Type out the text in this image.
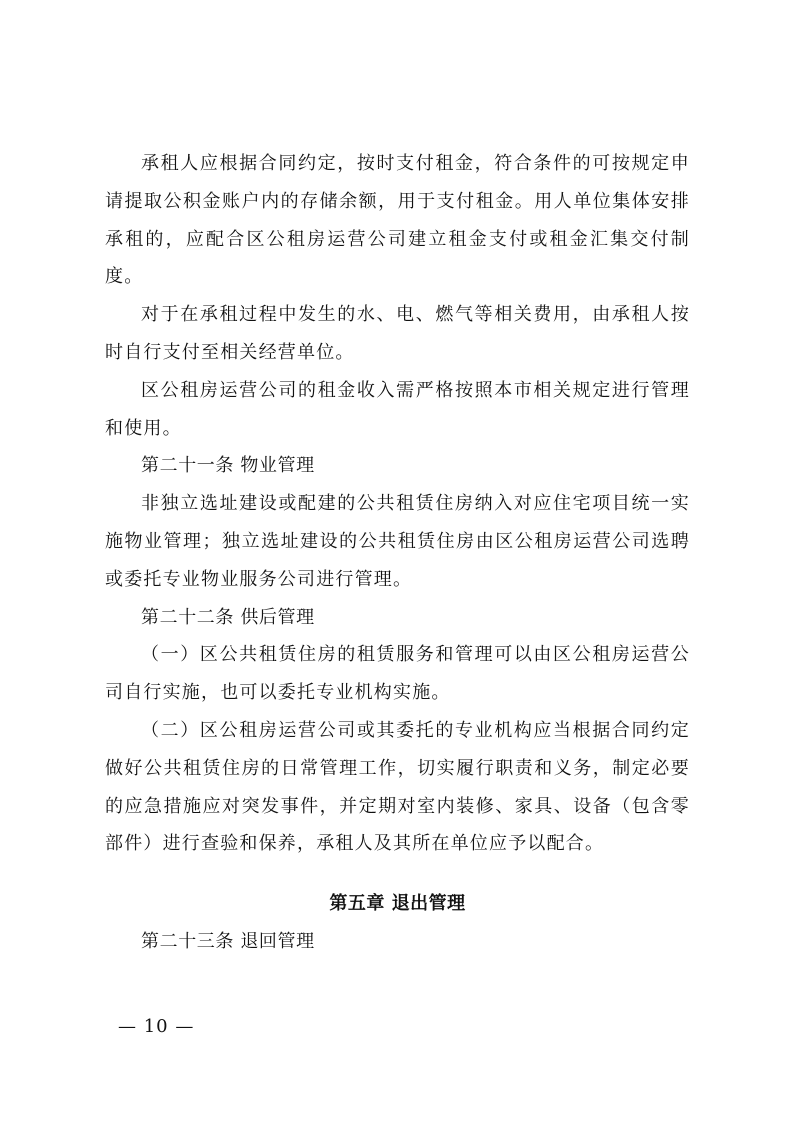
承租人应根据合同约定，按时支付租金，符合条件的可按规定申请提取公积金账户内的存储余额，用于支付租金。用人单位集体安排承租的，应配合区公租房运营公司建立租金支付或租金汇集交付制度。

对于在承租过程中发生的水、电、燃气等相关费用，由承租人按时自行支付至相关经营单位。

区公租房运营公司的租金收入需严格按照本市相关规定进行管理和使用。

第二十一条 物业管理

非独立选址建设或配建的公共租赁住房纳入对应住宅项目统一实施物业管理；独立选址建设的公共租赁住房由区公租房运营公司选聘或委托专业物业服务公司进行管理。

第二十二条 供后管理

（一）区公共租赁住房的租赁服务和管理可以由区公租房运营公司自行实施，也可以委托专业机构实施。

（二）区公租房运营公司或其委托的专业机构应当根据合同约定做好公共租赁住房的日常管理工作，切实履行职责和义务，制定必要的应急措施应对突发事件，并定期对室内装修、家具、设备（包含零部件）进行查验和保养，承租人及其所在单位应予以配合。

第五章 退出管理

第二十三条 退回管理

— 10 —
